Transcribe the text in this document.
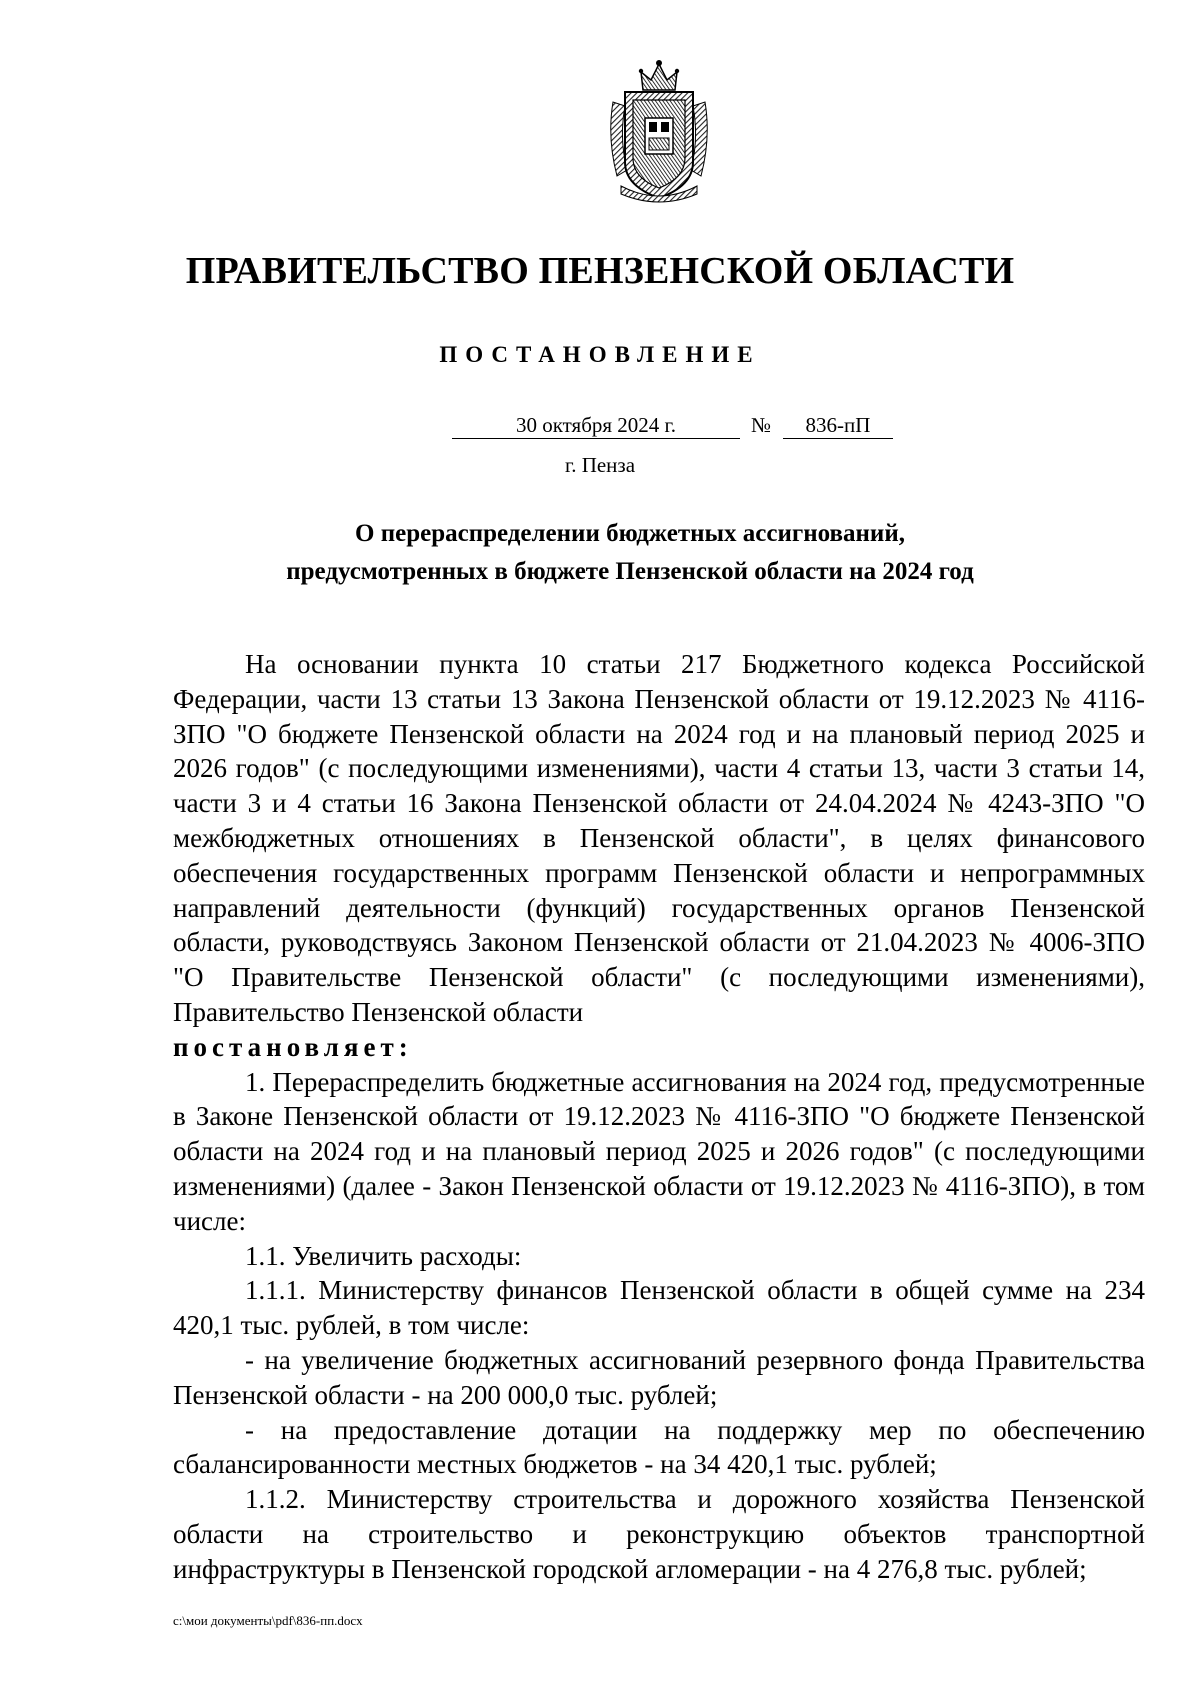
ПРАВИТЕЛЬСТВО ПЕНЗЕНСКОЙ ОБЛАСТИ
ПОСТАНОВЛЕНИЕ
30 октября 2024 г.	№	836-пП
г. Пенза
О перераспределении бюджетных ассигнований,
предусмотренных в бюджете Пензенской области на 2024 год

На основании пункта 10 статьи 217 Бюджетного кодекса Российской Федерации, части 13 статьи 13 Закона Пензенской области от 19.12.2023 № 4116-ЗПО "О бюджете Пензенской области на 2024 год и на плановый период 2025 и 2026 годов" (с последующими изменениями), части 4 статьи 13, части 3 статьи 14, части 3 и 4 статьи 16 Закона Пензенской области от 24.04.2024 № 4243-ЗПО "О межбюджетных отношениях в Пензенской области", в целях финансового обеспечения государственных программ Пензенской области и непрограммных направлений деятельности (функций) государственных органов Пензенской области, руководствуясь Законом Пензенской области от 21.04.2023 № 4006-ЗПО "О Правительстве Пензенской области" (с последующими изменениями), Правительство Пензенской области

постановляет:

1. Перераспределить бюджетные ассигнования на 2024 год, предусмотренные в Законе Пензенской области от 19.12.2023 № 4116-ЗПО "О бюджете Пензенской области на 2024 год и на плановый период 2025 и 2026 годов" (с последующими изменениями) (далее - Закон Пензенской области от 19.12.2023 № 4116-ЗПО), в том числе:

1.1. Увеличить расходы:

1.1.1. Министерству финансов Пензенской области в общей сумме на 234 420,1 тыс. рублей, в том числе:

- на увеличение бюджетных ассигнований резервного фонда Правительства Пензенской области - на 200 000,0 тыс. рублей;

- на предоставление дотации на поддержку мер по обеспечению сбалансированности местных бюджетов - на 34 420,1 тыс. рублей;

1.1.2. Министерству строительства и дорожного хозяйства Пензенской области на строительство и реконструкцию объектов транспортной инфраструктуры в Пензенской городской агломерации - на 4 276,8 тыс. рублей;

c:\мои документы\pdf\836-пп.docx
